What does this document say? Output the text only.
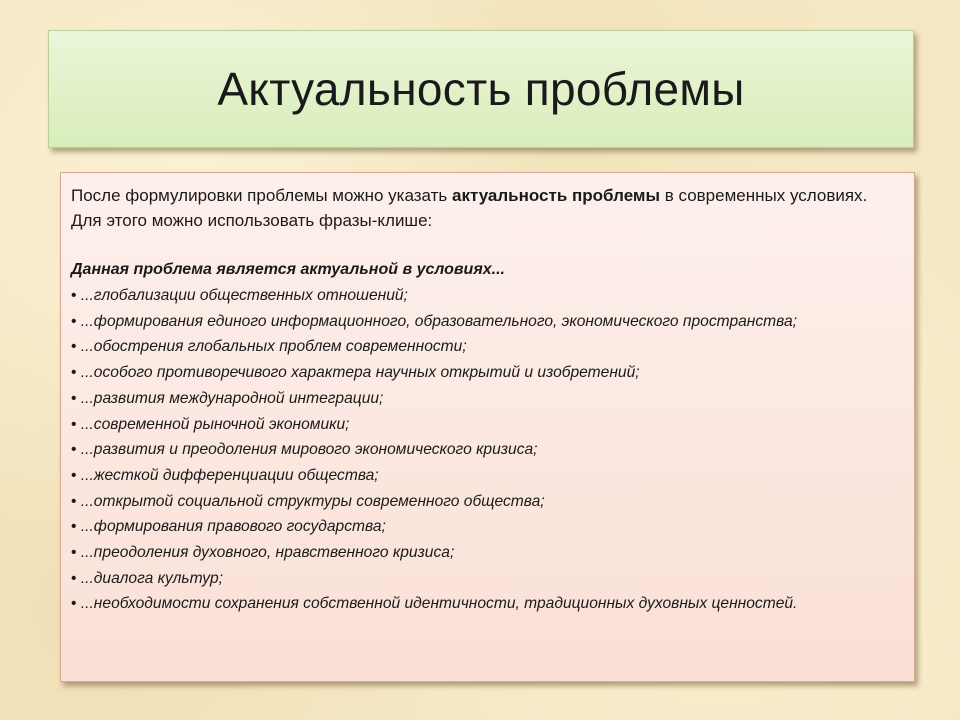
Актуальность проблемы

После формулировки проблемы можно указать актуальность проблемы в современных условиях. Для этого можно использовать фразы-клише:

Данная проблема является актуальной в условиях...

• ...глобализации общественных отношений;
• ...формирования единого информационного, образовательного, экономического пространства;
• ...обострения глобальных проблем современности;
• ...особого противоречивого характера научных открытий и изобретений;
• ...развития международной интеграции;
• ...современной рыночной экономики;
• ...развития и преодоления мирового экономического кризиса;
• ...жесткой дифференциации общества;
• ...открытой социальной структуры современного общества;
• ...формирования правового государства;
• ...преодоления духовного, нравственного кризиса;
• ...диалога культур;
• ...необходимости сохранения собственной идентичности, традиционных духовных ценностей.
